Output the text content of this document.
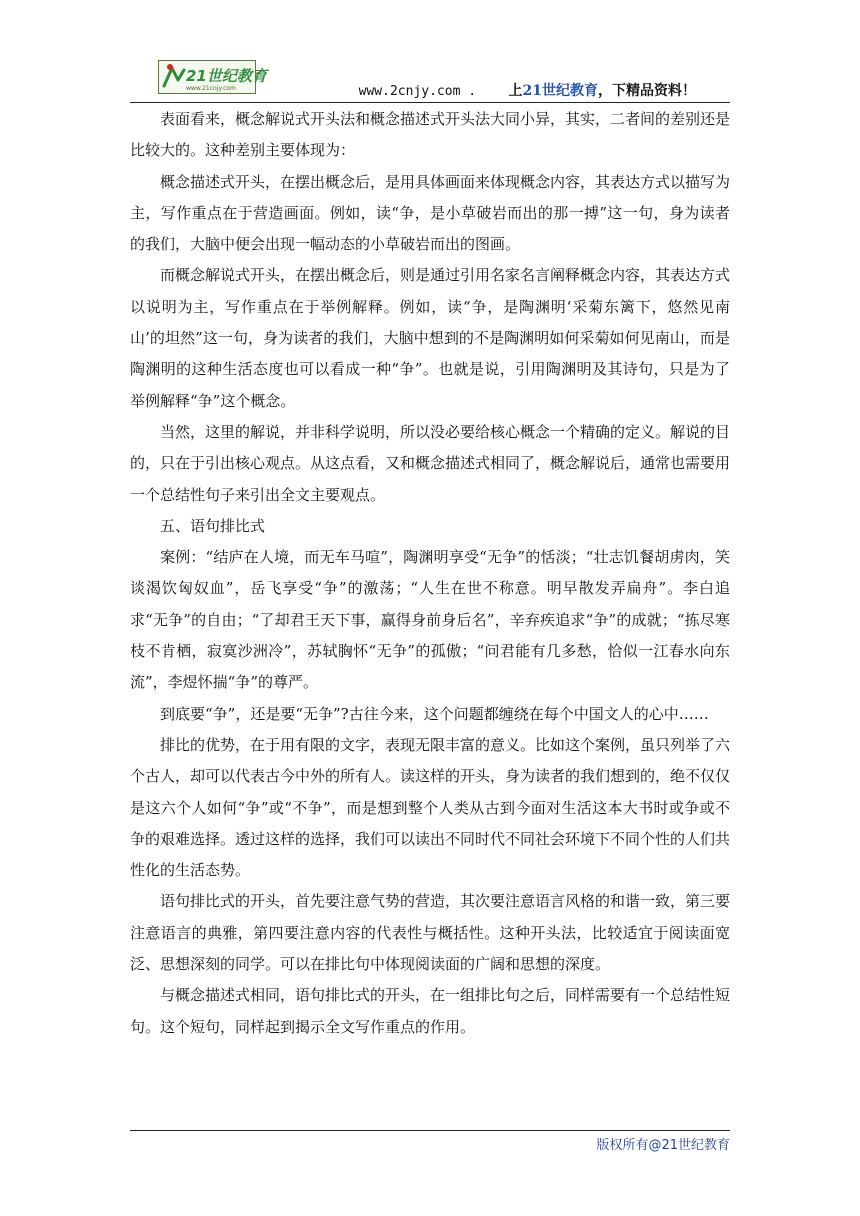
21世纪教育
www.21cnjy.com	www.2cnjy.com . 上21世纪教育，下精品资料！

表面看来，概念解说式开头法和概念描述式开头法大同小异，其实，二者间的差别还是比较大的。这种差别主要体现为：

概念描述式开头，在摆出概念后，是用具体画面来体现概念内容，其表达方式以描写为主，写作重点在于营造画面。例如，读“争，是小草破岩而出的那一搏”这一句，身为读者的我们，大脑中便会出现一幅动态的小草破岩而出的图画。

而概念解说式开头，在摆出概念后，则是通过引用名家名言阐释概念内容，其表达方式以说明为主，写作重点在于举例解释。例如，读“争，是陶渊明‘采菊东篱下，悠然见南山’的坦然”这一句，身为读者的我们，大脑中想到的不是陶渊明如何采菊如何见南山，而是陶渊明的这种生活态度也可以看成一种“争”。也就是说，引用陶渊明及其诗句，只是为了举例解释“争”这个概念。

当然，这里的解说，并非科学说明，所以没必要给核心概念一个精确的定义。解说的目的，只在于引出核心观点。从这点看，又和概念描述式相同了，概念解说后，通常也需要用一个总结性句子来引出全文主要观点。

五、语句排比式

案例：“结庐在人境，而无车马喧”，陶渊明享受“无争”的恬淡；“壮志饥餐胡虏肉，笑谈渴饮匈奴血”，岳飞享受“争”的激荡；“人生在世不称意。明早散发弄扁舟”。李白追求“无争”的自由；“了却君王天下事，赢得身前身后名”，辛弃疾追求“争”的成就；“拣尽寒枝不肯栖，寂寞沙洲冷”，苏轼胸怀“无争”的孤傲；“问君能有几多愁，恰似一江春水向东流”，李煜怀揣“争”的尊严。

到底要“争”，还是要“无争”?古往今来，这个问题都缠绕在每个中国文人的心中……

排比的优势，在于用有限的文字，表现无限丰富的意义。比如这个案例，虽只列举了六个古人，却可以代表古今中外的所有人。读这样的开头，身为读者的我们想到的，绝不仅仅是这六个人如何“争”或“不争”，而是想到整个人类从古到今面对生活这本大书时或争或不争的艰难选择。透过这样的选择，我们可以读出不同时代不同社会环境下不同个性的人们共性化的生活态势。

语句排比式的开头，首先要注意气势的营造，其次要注意语言风格的和谐一致，第三要注意语言的典雅，第四要注意内容的代表性与概括性。这种开头法，比较适宜于阅读面宽泛、思想深刻的同学。可以在排比句中体现阅读面的广阔和思想的深度。

与概念描述式相同，语句排比式的开头，在一组排比句之后，同样需要有一个总结性短句。这个短句，同样起到揭示全文写作重点的作用。

版权所有@21世纪教育
